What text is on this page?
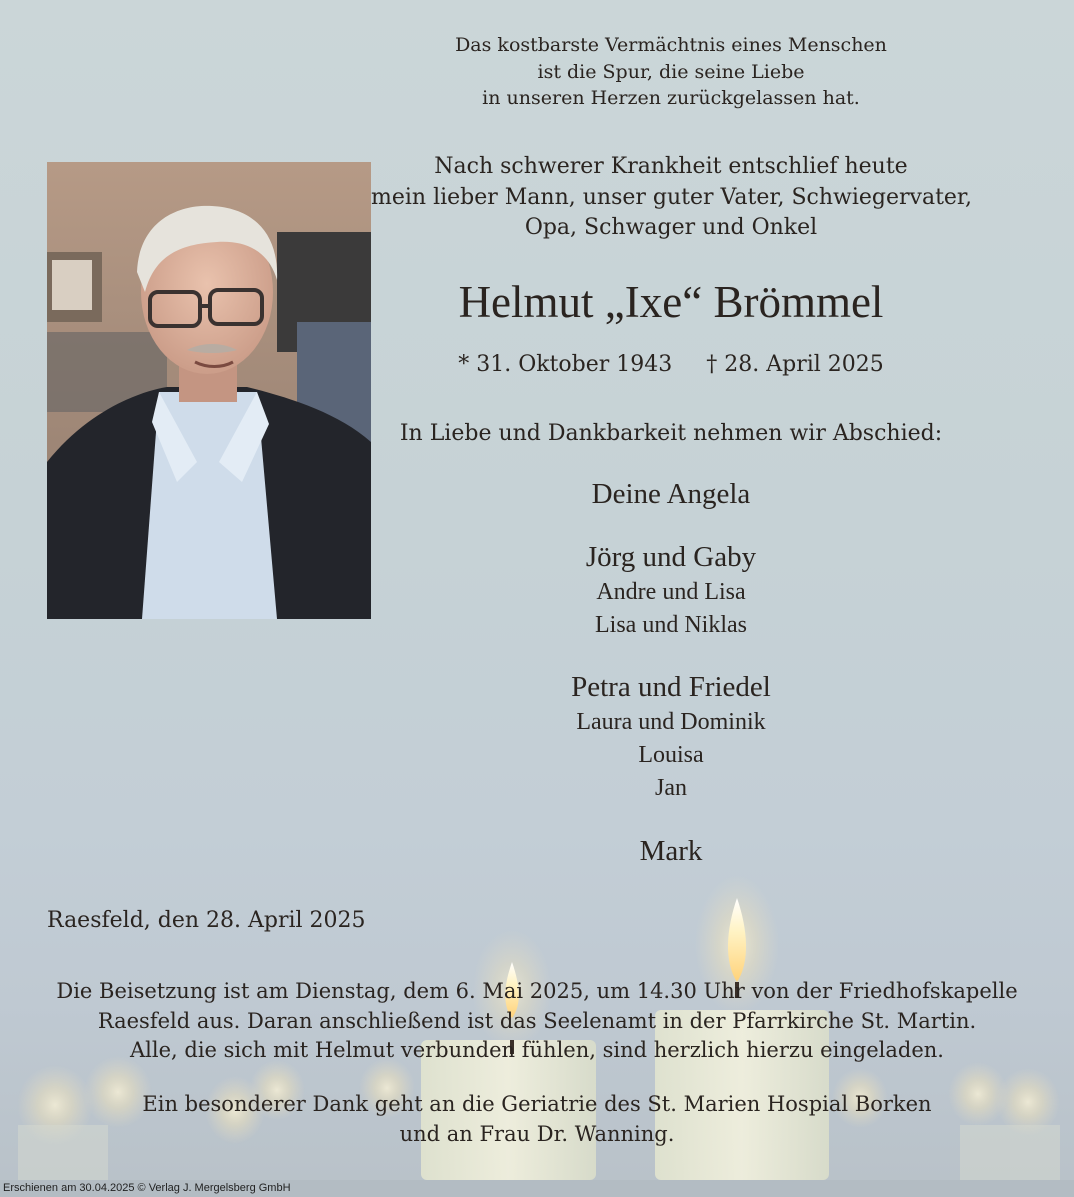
Das kostbarste Vermächtnis eines Menschen
ist die Spur, die seine Liebe
in unseren Herzen zurückgelassen hat.
Nach schwerer Krankheit entschlief heute
mein lieber Mann, unser guter Vater, Schwiegervater,
Opa, Schwager und Onkel
Helmut „Ixe“ Brömmel
* 31. Oktober 1943 † 28. April 2025
In Liebe und Dankbarkeit nehmen wir Abschied:
Deine Angela
Jörg und Gaby
Andre und Lisa
Lisa und Niklas
Petra und Friedel
Laura und Dominik
Louisa
Jan
Mark
Raesfeld, den 28. April 2025
Die Beisetzung ist am Dienstag, dem 6. Mai 2025, um 14.30 Uhr von der Friedhofskapelle
Raesfeld aus. Daran anschließend ist das Seelenamt in der Pfarrkirche St. Martin.
Alle, die sich mit Helmut verbunden fühlen, sind herzlich hierzu eingeladen.
Ein besonderer Dank geht an die Geriatrie des St. Marien Hospial Borken
und an Frau Dr. Wanning.
Erschienen am 30.04.2025 © Verlag J. Mergelsberg GmbH
